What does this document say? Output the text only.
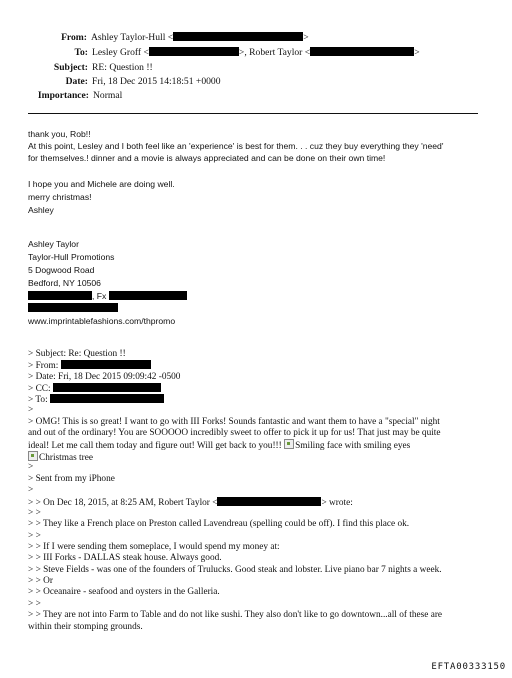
From: Ashley Taylor-Hull <	>
To: Lesley Groff <	>, Robert Taylor <	>
Subject: RE: Question !!
Date: Fri, 18 Dec 2015 14:18:51 +0000
Importance: Normal
thank you, Rob!!
At this point, Lesley and I both feel like an 'experience' is best for them. . . cuz they buy everything they 'need'
for themselves.! dinner and a movie is always appreciated and can be done on their own time!
I hope you and Michele are doing well.
merry christmas!
Ashley
Ashley Taylor
Taylor-Hull Promotions
5 Dogwood Road
Bedford, NY 10506
, Fx
www.imprintablefashions.com/thpromo
> Subject: Re: Question !!
> From:
> Date: Fri, 18 Dec 2015 09:09:42 -0500
> CC:
> To:
>
> OMG! This is so great! I want to go with III Forks! Sounds fantastic and want them to have a "special" night
and out of the ordinary! You are SOOOOO incredibly sweet to offer to pick it up for us! That just may be quite
ideal! Let me call them today and figure out! Will get back to you!!! Smiling face with smiling eyes
Christmas tree
>
> Sent from my iPhone
>
> > On Dec 18, 2015, at 8:25 AM, Robert Taylor <	> wrote:
> >
> > They like a French place on Preston called Lavendreau (spelling could be off). I find this place ok.
> >
> > If I were sending them someplace, I would spend my money at:
> > III Forks - DALLAS steak house. Always good.
> > Steve Fields - was one of the founders of Trulucks. Good steak and lobster. Live piano bar 7 nights a week.
> > Or
> > Oceanaire - seafood and oysters in the Galleria.
> >
> > They are not into Farm to Table and do not like sushi. They also don't like to go downtown...all of these are
within their stomping grounds.
EFTA00333150
